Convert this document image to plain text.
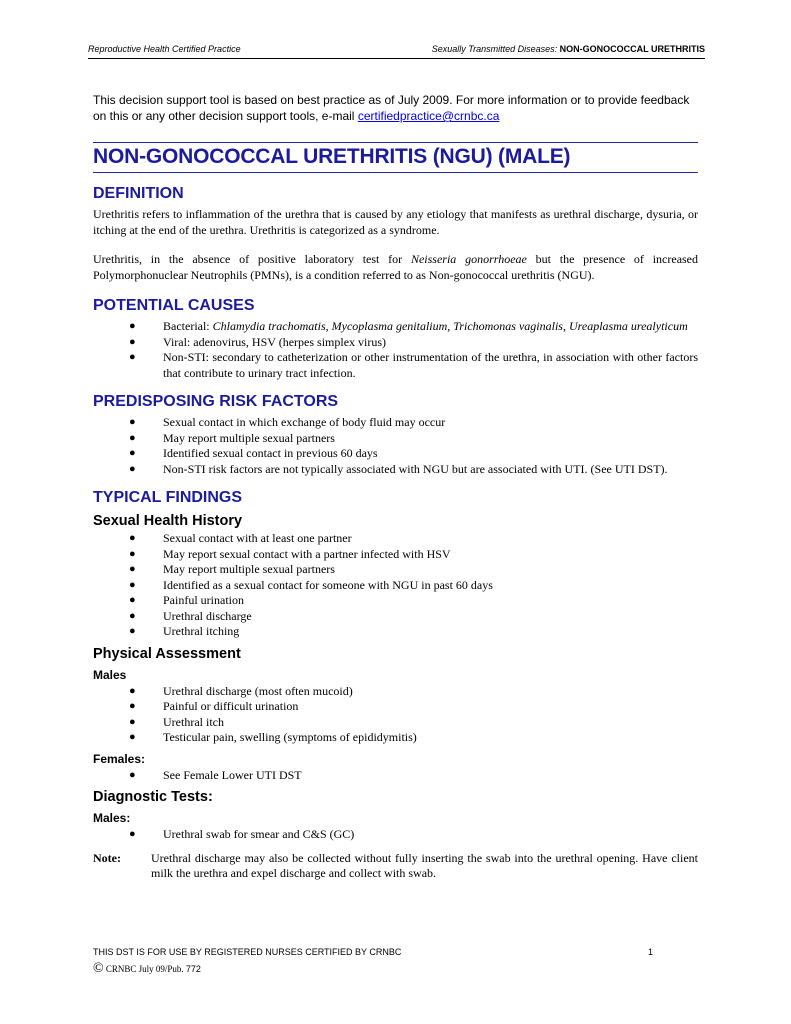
Reproductive Health Certified Practice	Sexually Transmitted Diseases: NON-GONOCOCCAL URETHRITIS

This decision support tool is based on best practice as of July 2009. For more information or to provide feedback on this or any other decision support tools, e-mail certifiedpractice@crnbc.ca

NON-GONOCOCCAL URETHRITIS (NGU) (MALE)
DEFINITION

Urethritis refers to inflammation of the urethra that is caused by any etiology that manifests as urethral discharge, dysuria, or itching at the end of the urethra. Urethritis is categorized as a syndrome.

Urethritis, in the absence of positive laboratory test for Neisseria gonorrhoeae but the presence of increased Polymorphonuclear Neutrophils (PMNs), is a condition referred to as Non-gonococcal urethritis (NGU).

POTENTIAL CAUSES
● Bacterial: Chlamydia trachomatis, Mycoplasma genitalium, Trichomonas vaginalis, Ureaplasma urealyticum
● Viral: adenovirus, HSV (herpes simplex virus)
● Non-STI: secondary to catheterization or other instrumentation of the urethra, in association with other factors that contribute to urinary tract infection.
PREDISPOSING RISK FACTORS
● Sexual contact in which exchange of body fluid may occur
● May report multiple sexual partners
● Identified sexual contact in previous 60 days
● Non-STI risk factors are not typically associated with NGU but are associated with UTI. (See UTI DST).
TYPICAL FINDINGS
Sexual Health History
● Sexual contact with at least one partner
● May report sexual contact with a partner infected with HSV
● May report multiple sexual partners
● Identified as a sexual contact for someone with NGU in past 60 days
● Painful urination
● Urethral discharge
● Urethral itching
Physical Assessment
Males
● Urethral discharge (most often mucoid)
● Painful or difficult urination
● Urethral itch
● Testicular pain, swelling (symptoms of epididymitis)
Females:
● See Female Lower UTI DST
Diagnostic Tests:
Males:
● Urethral swab for smear and C&S (GC)
Note:	Urethral discharge may also be collected without fully inserting the swab into the urethral opening. Have client milk the urethra and expel discharge and collect with swab.
THIS DST IS FOR USE BY REGISTERED NURSES CERTIFIED BY CRNBC	1
© CRNBC July 09/Pub. 772
